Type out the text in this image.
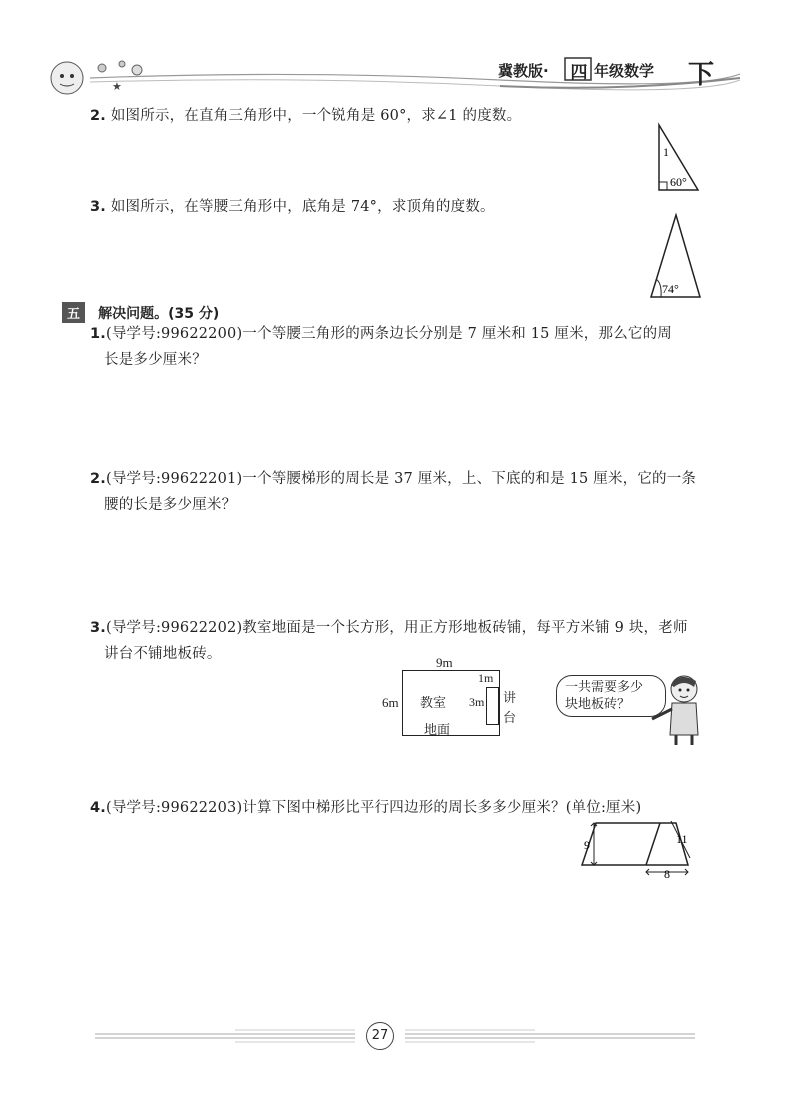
★
冀教版· 四 年级数学 下
2. 如图所示，在直角三角形中，一个锐角是 60°，求∠1 的度数。
1
60°
3. 如图所示，在等腰三角形中，底角是 74°，求顶角的度数。
74°
五 解决问题。(35 分)
1.(导学号:99622200)一个等腰三角形的两条边长分别是 7 厘米和 15 厘米，那么它的周
长是多少厘米？
2.(导学号:99622201)一个等腰梯形的周长是 37 厘米，上、下底的和是 15 厘米，它的一条
腰的长是多少厘米？
3.(导学号:99622202)教室地面是一个长方形，用正方形地板砖铺，每平方米铺 9 块，老师
讲台不铺地板砖。
9m
6m 教室
地面
1m
3m 讲
台
一共需要多少
块地板砖？
4.(导学号:99622203)计算下图中梯形比平行四边形的周长多多少厘米？(单位:厘米)
9	11
8
27
